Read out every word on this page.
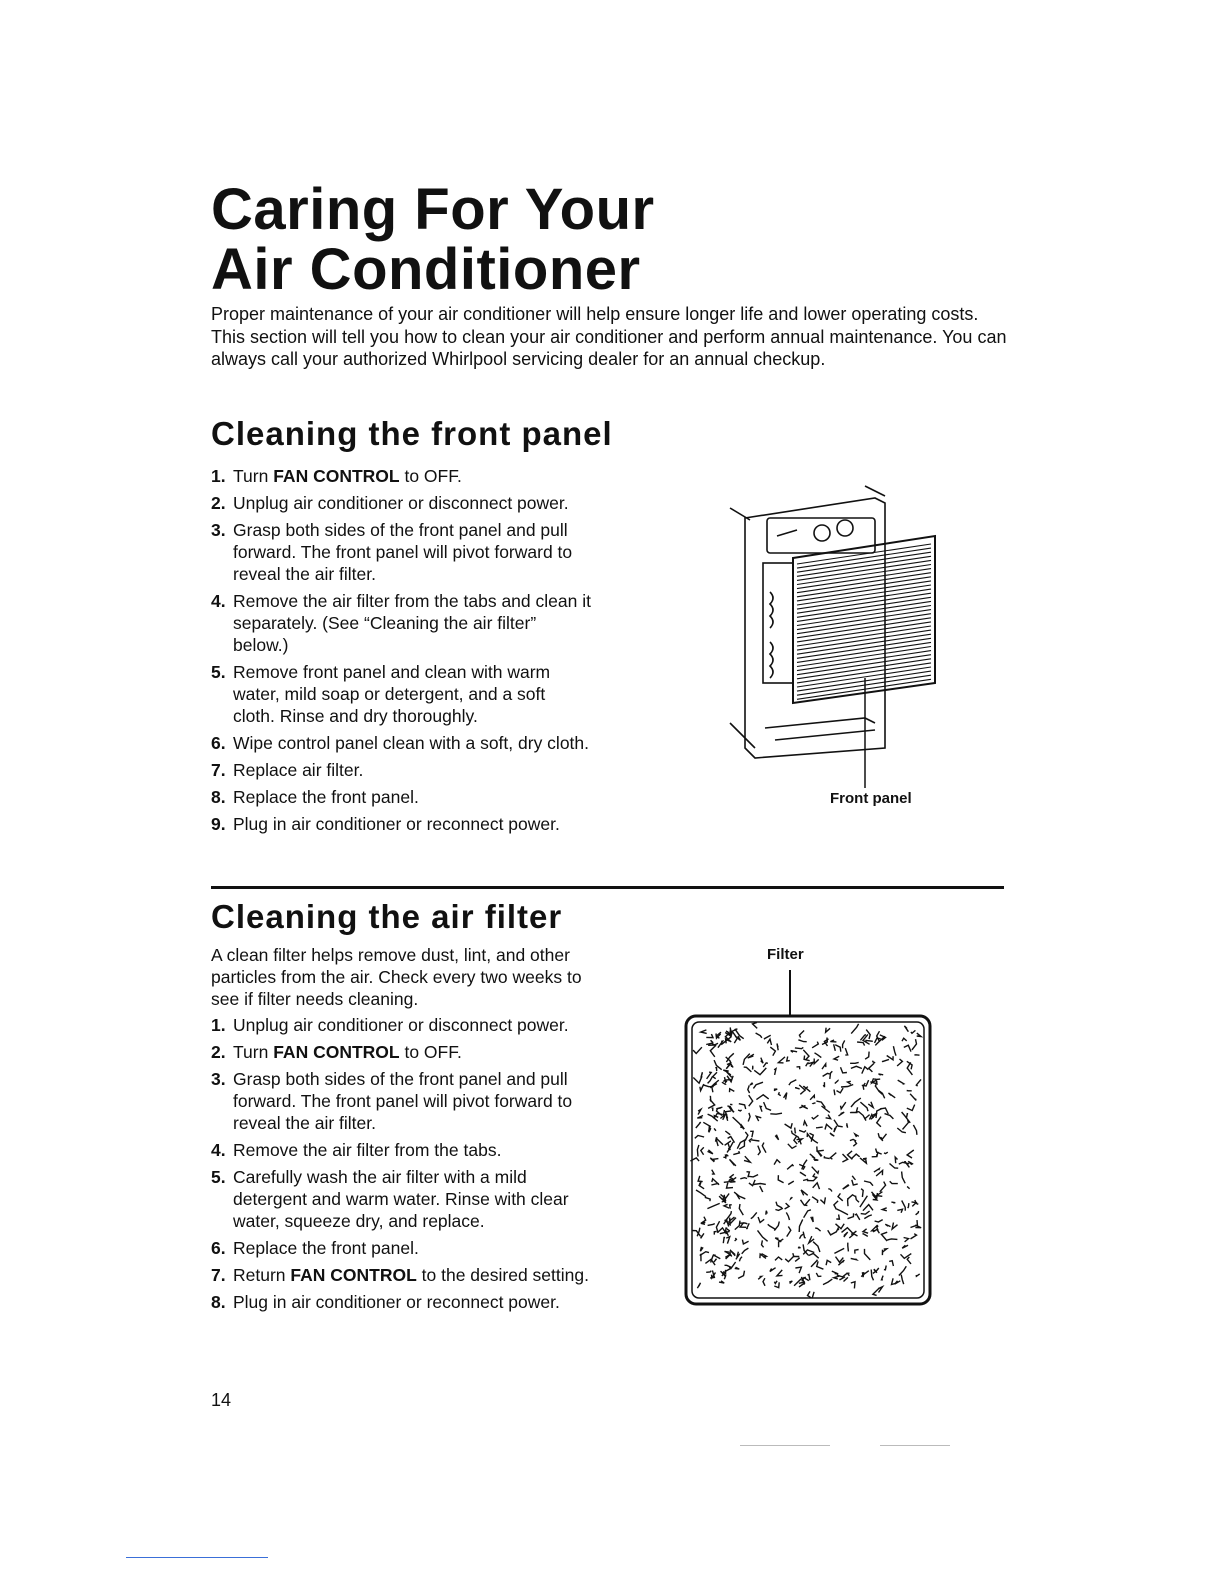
Caring For Your
Air Conditioner

Proper maintenance of your air conditioner will help ensure longer life and lower operating costs. This section will tell you how to clean your air conditioner and perform annual maintenance. You can always call your authorized Whirlpool servicing dealer for an annual checkup.

Cleaning the front panel
1. Turn FAN CONTROL to OFF.
2. Unplug air conditioner or disconnect power.
3. Grasp both sides of the front panel and pull forward. The front panel will pivot forward to reveal the air filter.
4. Remove the air filter from the tabs and clean it separately. (See “Cleaning the air filter” below.)
5. Remove front panel and clean with warm water, mild soap or detergent, and a soft cloth. Rinse and dry thoroughly.
6. Wipe control panel clean with a soft, dry cloth.
7. Replace air filter.
8. Replace the front panel.
9. Plug in air conditioner or reconnect power.
Front panel
Cleaning the air filter

A clean filter helps remove dust, lint, and other particles from the air. Check every two weeks to see if filter needs cleaning.

1. Unplug air conditioner or disconnect power.
2. Turn FAN CONTROL to OFF.
3. Grasp both sides of the front panel and pull forward. The front panel will pivot forward to reveal the air filter.
4. Remove the air filter from the tabs.
5. Carefully wash the air filter with a mild detergent and warm water. Rinse with clear water, squeeze dry, and replace.
6. Replace the front panel.
7. Return FAN CONTROL to the desired setting.
8. Plug in air conditioner or reconnect power.
Filter
14
